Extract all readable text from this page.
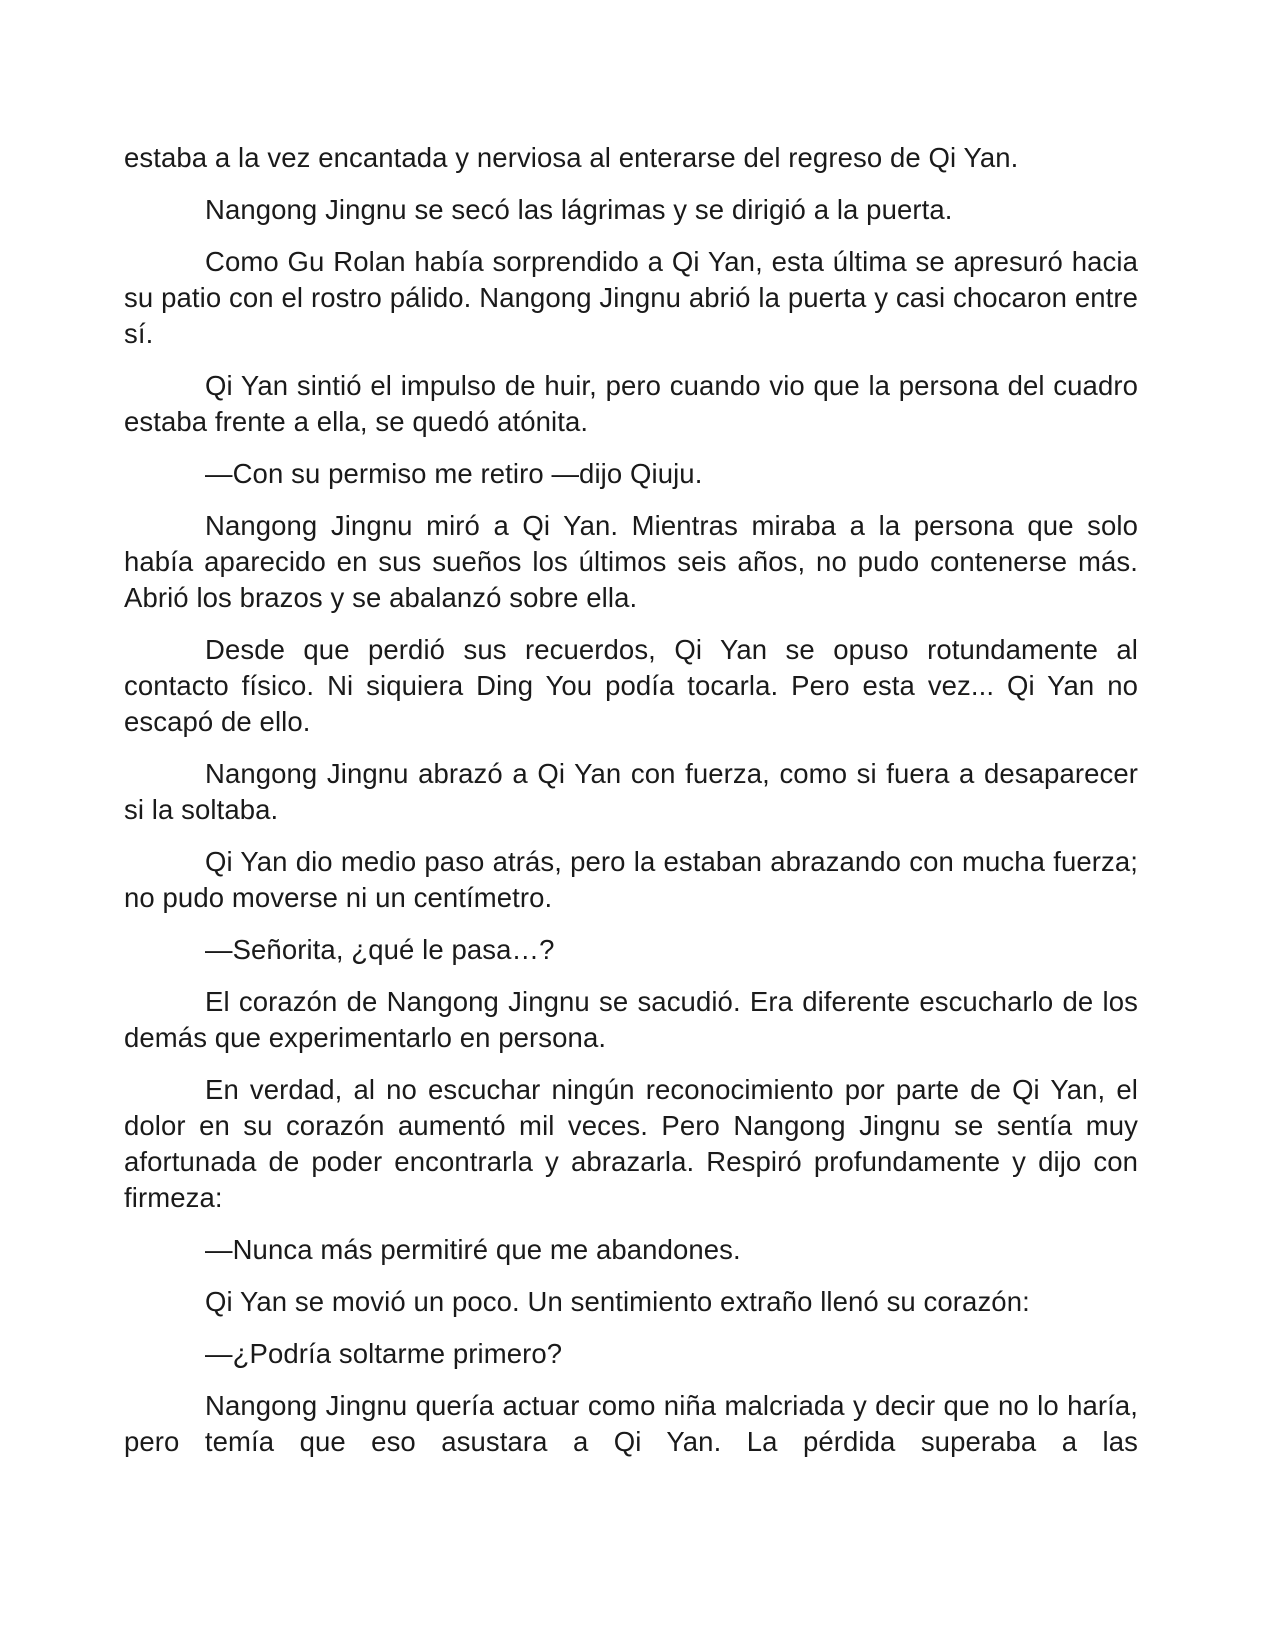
estaba a la vez encantada y nerviosa al enterarse del regreso de Qi Yan.

Nangong Jingnu se secó las lágrimas y se dirigió a la puerta.

Como Gu Rolan había sorprendido a Qi Yan, esta última se apresuró hacia su patio con el rostro pálido. Nangong Jingnu abrió la puerta y casi chocaron entre sí.

Qi Yan sintió el impulso de huir, pero cuando vio que la persona del cuadro estaba frente a ella, se quedó atónita.

—Con su permiso me retiro —dijo Qiuju.

Nangong Jingnu miró a Qi Yan. Mientras miraba a la persona que solo había aparecido en sus sueños los últimos seis años, no pudo contenerse más. Abrió los brazos y se abalanzó sobre ella.

Desde que perdió sus recuerdos, Qi Yan se opuso rotundamente al contacto físico. Ni siquiera Ding You podía tocarla. Pero esta vez... Qi Yan no escapó de ello.

Nangong Jingnu abrazó a Qi Yan con fuerza, como si fuera a desaparecer si la soltaba.

Qi Yan dio medio paso atrás, pero la estaban abrazando con mucha fuerza; no pudo moverse ni un centímetro.

—Señorita, ¿qué le pasa…?

El corazón de Nangong Jingnu se sacudió. Era diferente escucharlo de los demás que experimentarlo en persona.

En verdad, al no escuchar ningún reconocimiento por parte de Qi Yan, el dolor en su corazón aumentó mil veces. Pero Nangong Jingnu se sentía muy afortunada de poder encontrarla y abrazarla. Respiró profundamente y dijo con firmeza:

—Nunca más permitiré que me abandones.

Qi Yan se movió un poco. Un sentimiento extraño llenó su corazón:

—¿Podría soltarme primero?

Nangong Jingnu quería actuar como niña malcriada y decir que no lo haría, pero temía que eso asustara a Qi Yan. La pérdida superaba a las
